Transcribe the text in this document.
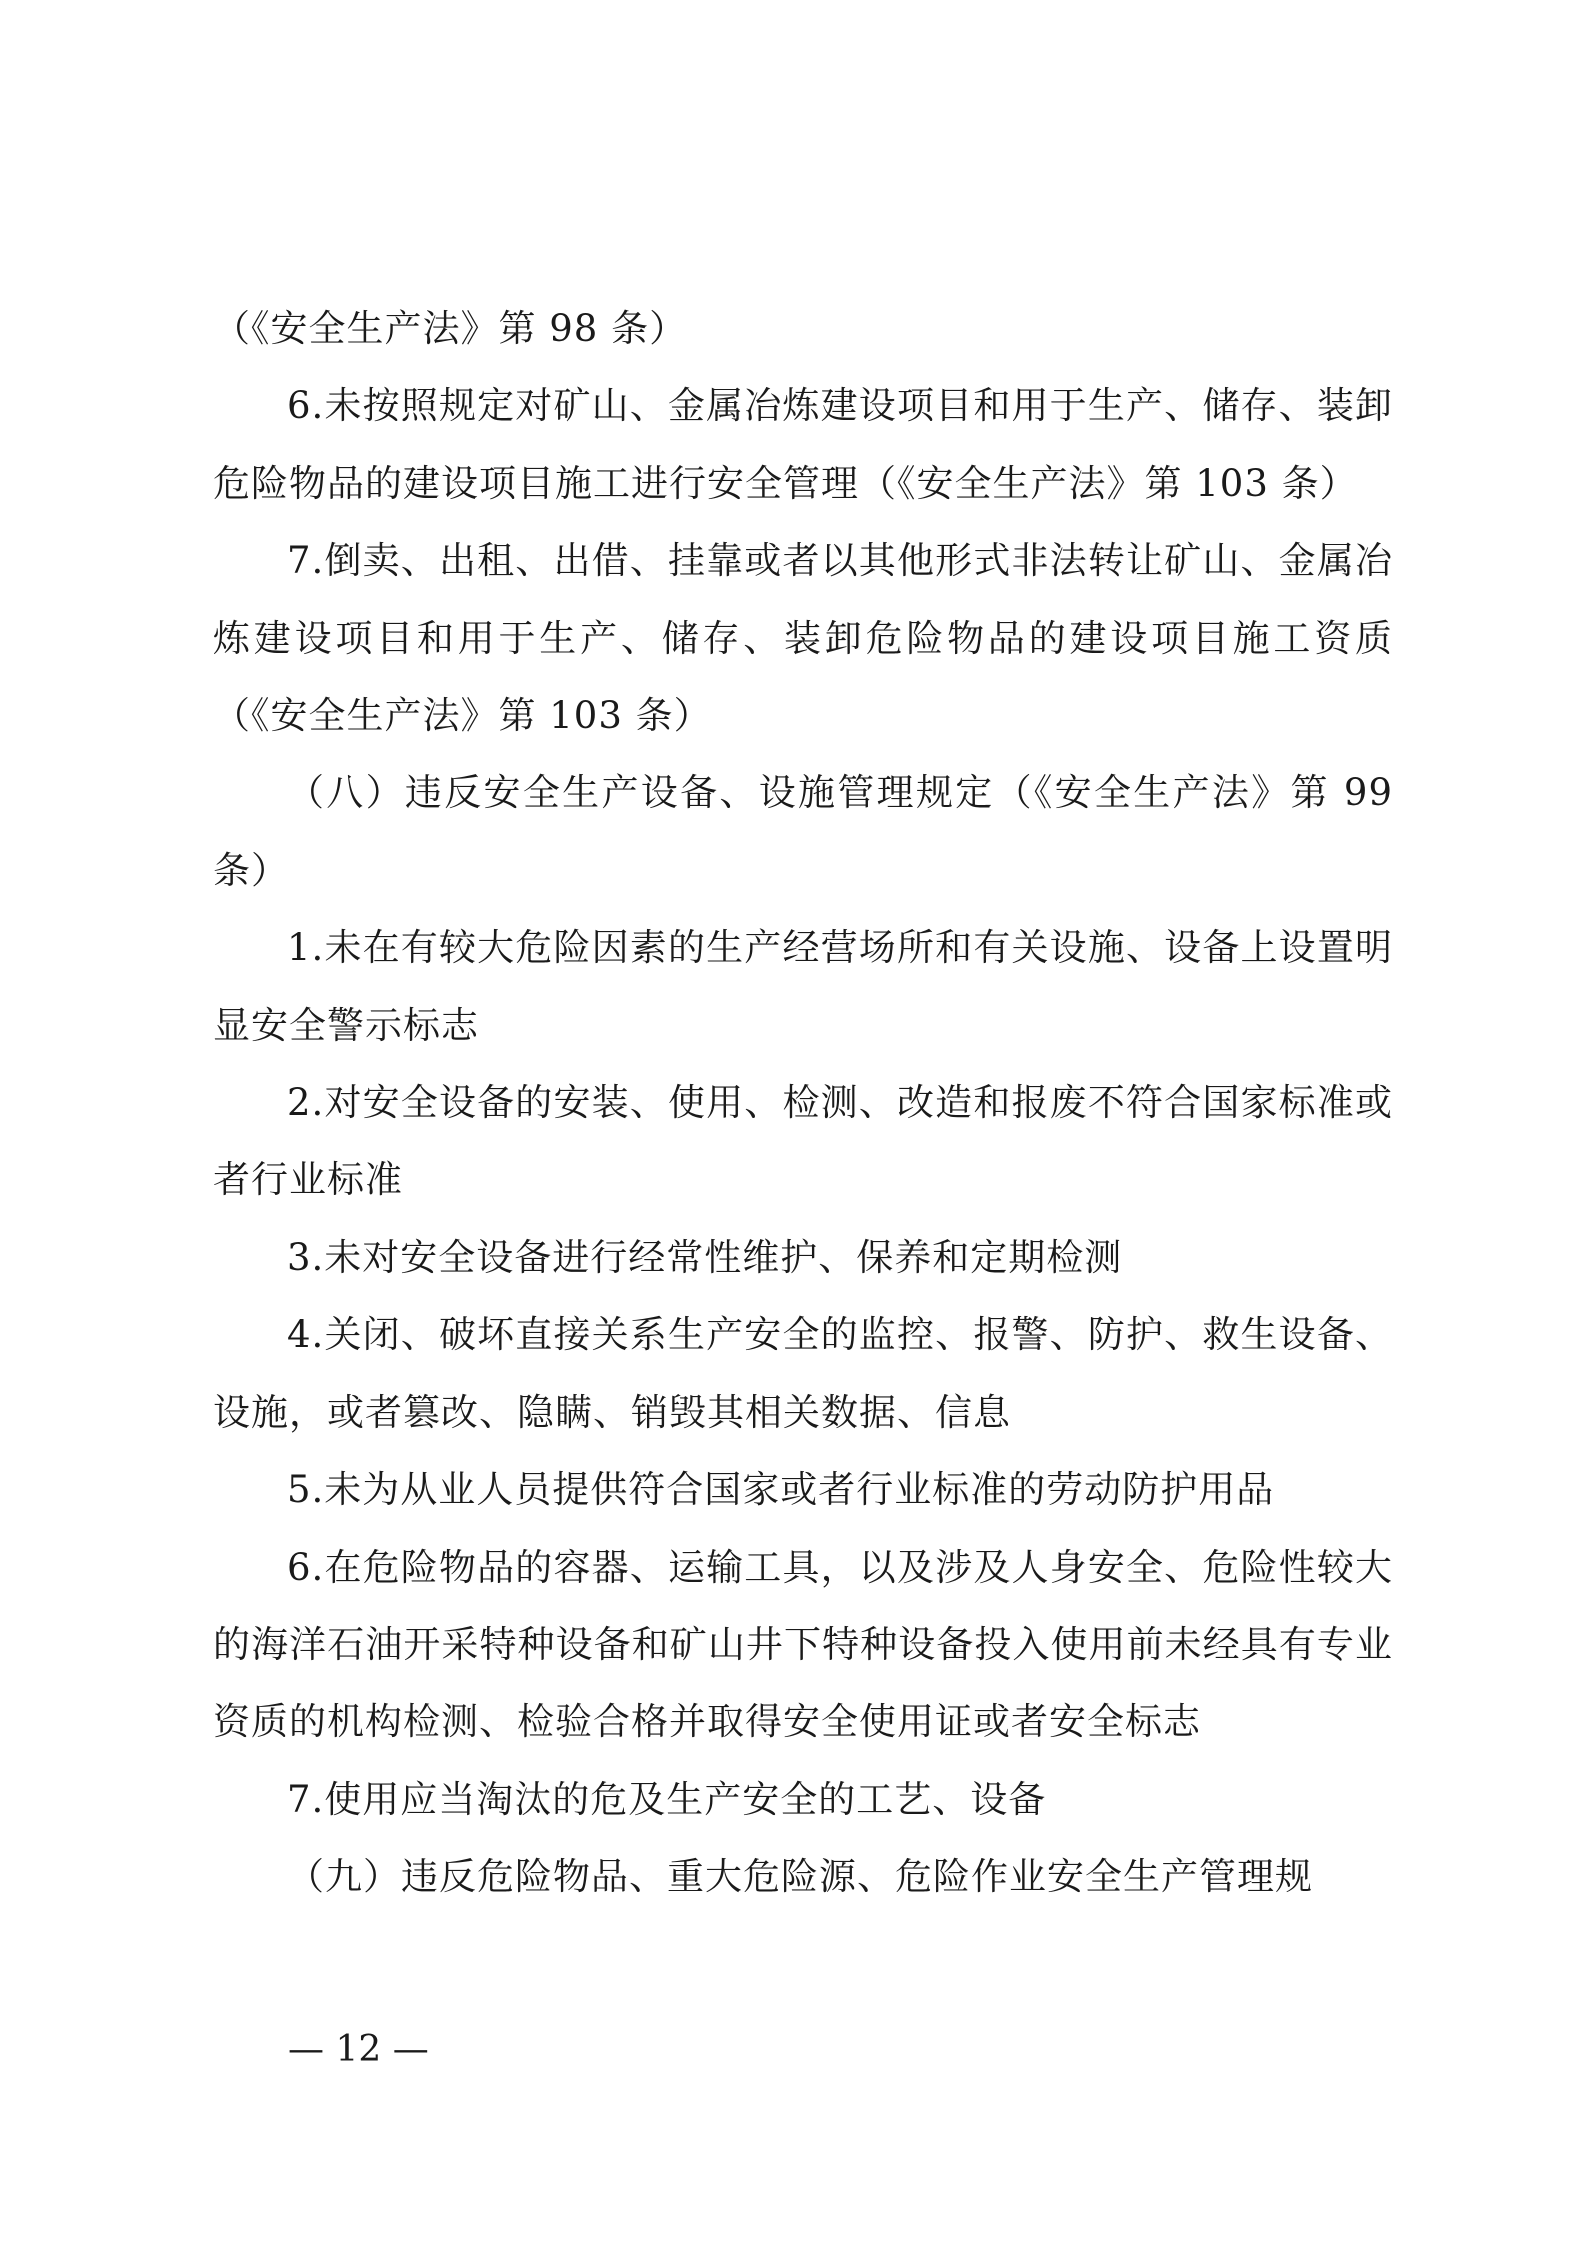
（《安全生产法》第 98 条）

6.未按照规定对矿山、金属冶炼建设项目和用于生产、储存、装卸危险物品的建设项目施工进行安全管理（《安全生产法》第 103 条）

7.倒卖、出租、出借、挂靠或者以其他形式非法转让矿山、金属冶炼建设项目和用于生产、储存、装卸危险物品的建设项目施工资质（《安全生产法》第 103 条）

（八）违反安全生产设备、设施管理规定（《安全生产法》第 99 条）

1.未在有较大危险因素的生产经营场所和有关设施、设备上设置明显安全警示标志

2.对安全设备的安装、使用、检测、改造和报废不符合国家标准或者行业标准

3.未对安全设备进行经常性维护、保养和定期检测

4.关闭、破坏直接关系生产安全的监控、报警、防护、救生设备、设施，或者篡改、隐瞒、销毁其相关数据、信息

5.未为从业人员提供符合国家或者行业标准的劳动防护用品

6.在危险物品的容器、运输工具，以及涉及人身安全、危险性较大的海洋石油开采特种设备和矿山井下特种设备投入使用前未经具有专业资质的机构检测、检验合格并取得安全使用证或者安全标志

7.使用应当淘汰的危及生产安全的工艺、设备

（九）违反危险物品、重大危险源、危险作业安全生产管理规

— 12 —
